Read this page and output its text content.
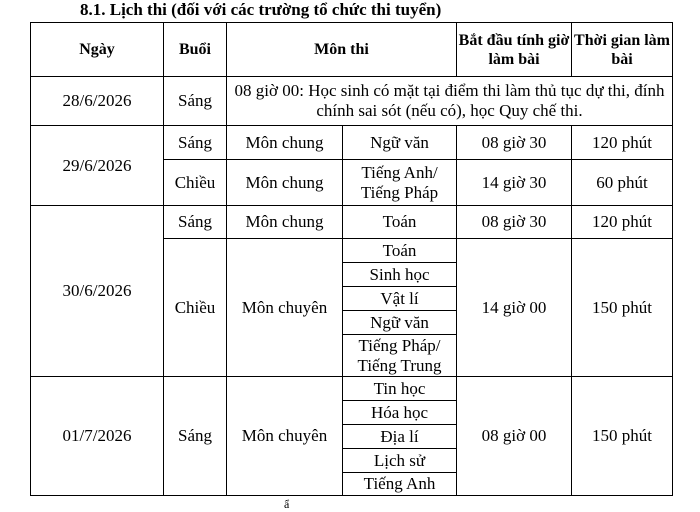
8.1. Lịch thi (đối với các trường tổ chức thi tuyển)
Ngày	Buổi	Môn thi		Bắt đầu tính giờ làm bài	Thời gian làm bài
28/6/2026	Sáng	08 giờ 00: Học sinh có mặt tại điểm thi làm thủ tục dự thi, đính chính sai sót (nếu có), học Quy chế thi.			
29/6/2026	Sáng	Môn chung	Ngữ văn	08 giờ 30	120 phút
	Chiều	Môn chung	Tiếng Anh/ Tiếng Pháp	14 giờ 30	60 phút
30/6/2026	Sáng	Môn chung	Toán	08 giờ 30	120 phút
	Chiều	Môn chuyên	Toán	14 giờ 00	150 phút
			Sinh học		
			Vật lí		
			Ngữ văn		
			Tiếng Pháp/ Tiếng Trung		
01/7/2026	Sáng	Môn chuyên	Tin học	08 giờ 00	150 phút
			Hóa học		
			Địa lí		
			Lịch sử		
			Tiếng Anh		
ẩ
